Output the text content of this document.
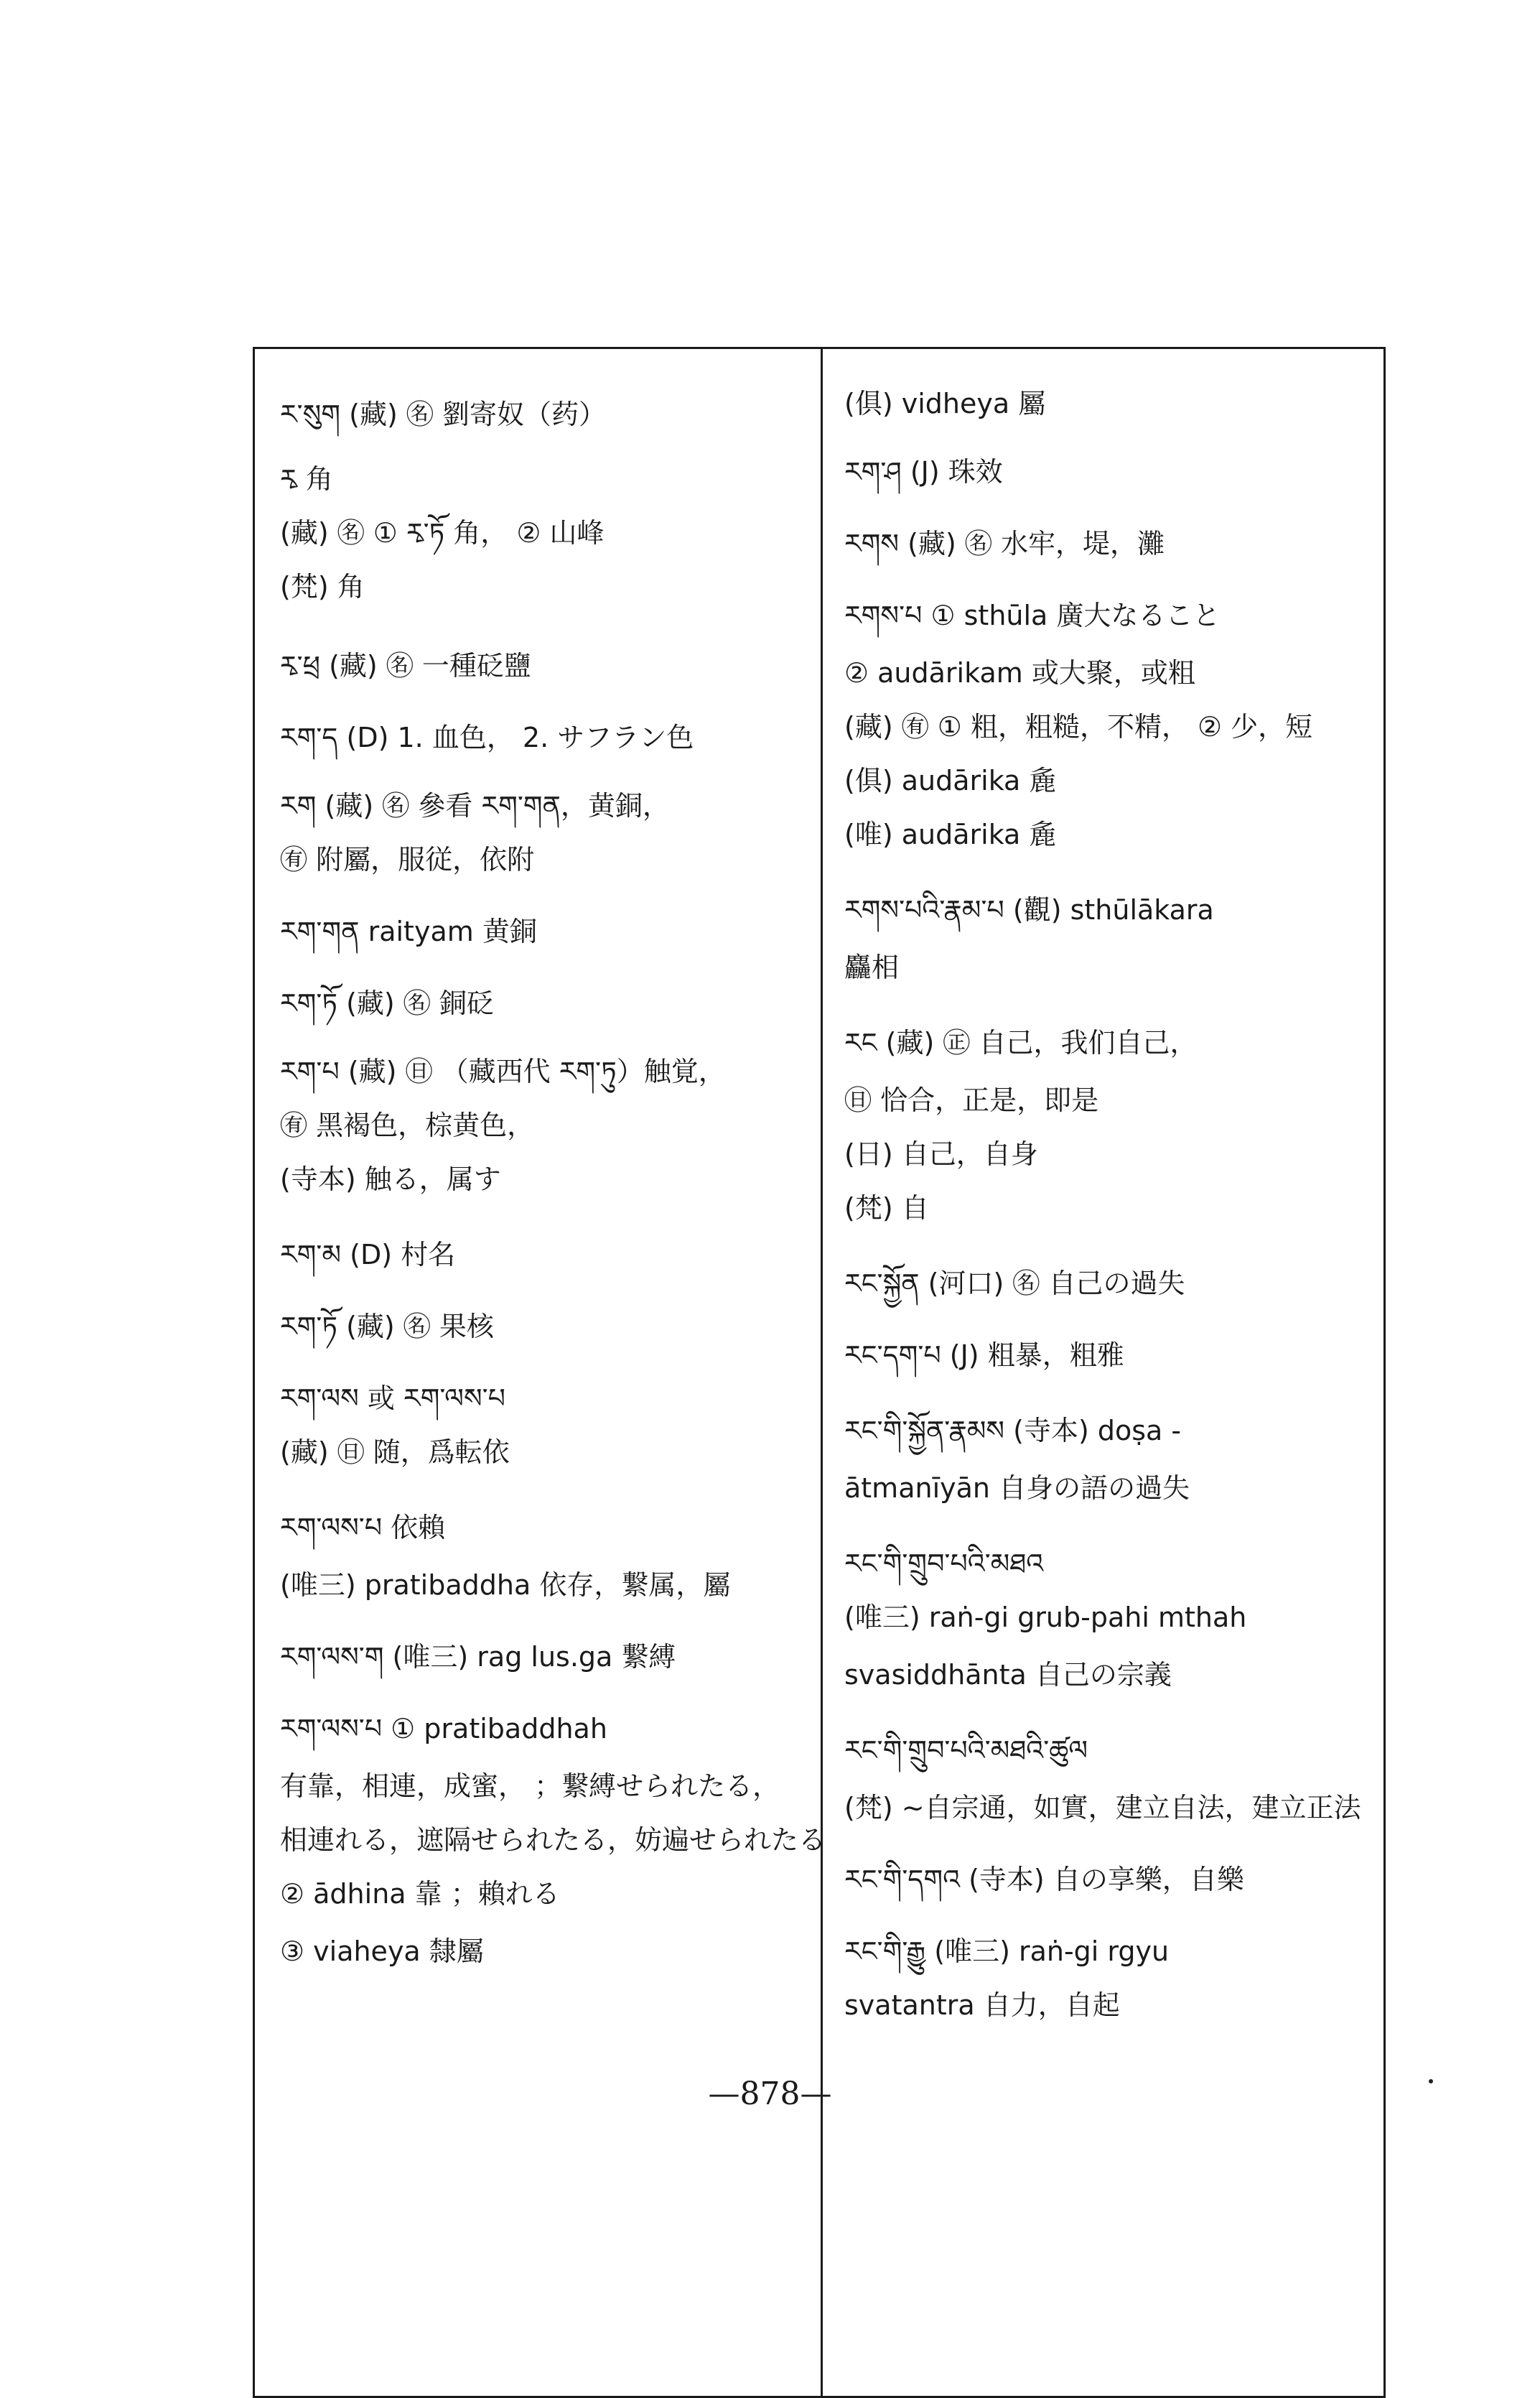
ར་སུག (藏) ㊔ 劉寄奴（药）
རྭ 角
(藏) ㊔ ① རྭ་ཏོ 角， ② 山峰
(梵) 角
རྭ་ཕྲ (藏) ㊔ 一種砭鹽
རག་ད (D) 1. 血色， 2. サフラン色
རག (藏) ㊔ 參看 རག་གན，黄銅，
㊒ 附屬，服従，依附
རག་གན raityam 黄銅
རག་ཏོ (藏) ㊔ 銅砭
རག་པ (藏) ㊐ （藏西代 རག་ཏུ）触覚，
㊒ 黑褐色，棕黄色，
(寺本) 触る，属す
རག་མ (D) 村名
རག་ཏོ (藏) ㊔ 果核
རག་ལས 或 རག་ལས་པ
(藏) ㊐ 随，爲転依
རག་ལས་པ 依賴
(唯三) pratibaddha 依存，繋属，屬
རག་ལས་ག (唯三) rag lus.ga 繋縛
རག་ལས་པ ① pratibaddhah
有靠，相連，成蜜， ；繋縛せられたる，
相連れる，遮隔せられたる，妨遍せられたる
② ādhina 靠 ；賴れる
③ viaheya 隸屬
(俱) vidheya 屬
རག་ཤ (J) 珠效
རགས (藏) ㊔ 水牢，堤，灘
རགས་པ ① sthūla 廣大なること
② audārikam 或大聚，或粗
(藏) ㊒ ① 粗，粗糙，不精， ② 少，短
(俱) audārika 麁
(唯) audārika 麁
རགས་པའི་རྣམ་པ (觀) sthūlākara
麤相
རང (藏) ㊣ 自己，我们自己，
㊐ 恰合，正是，即是
(日) 自己，自身
(梵) 自
རང་སྐྱོན (河口) ㊔ 自己の過失
རང་དག་པ (J) 粗暴，粗雅
རང་གི་སྐྱོན་རྣམས (寺本) doṣa -
ātmanīyān 自身の語の過失
རང་གི་གྲུབ་པའི་མཐའ
(唯三) raṅ-gi grub-pahi mthah
svasiddhānta 自己の宗義
རང་གི་གྲུབ་པའི་མཐའི་ཚུལ
(梵) ~自宗通，如實，建立自法，建立正法
རང་གི་དགའ (寺本) 自の享樂，自樂
རང་གི་རྒྱུ (唯三) raṅ-gi rgyu
svatantra 自力，自起
—878—
